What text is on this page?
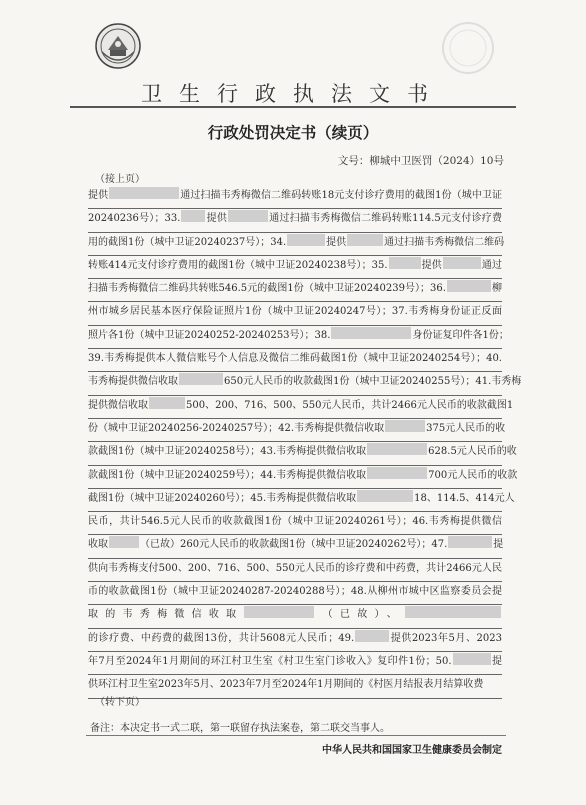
卫生行政执法文书
行政处罚决定书（续页）
文号：柳城中卫医罚（2024）10号
（接上页）
提供	通过扫描韦秀梅微信二维码转账18元支付诊疗费用的截图1份（城中卫证
20240236号）；33.	提供	通过扫描韦秀梅微信二维码转账114.5元支付诊疗费
用的截图1份（城中卫证20240237号）；34.	提供	通过扫描韦秀梅微信二维码
转账414元支付诊疗费用的截图1份（城中卫证20240238号）；35.	提供	通过
扫描韦秀梅微信二维码共转账546.5元的截图1份（城中卫证20240239号）；36.	柳
州市城乡居民基本医疗保险证照片1份（城中卫证20240247号）；37.韦秀梅身份证正反面
照片各1份（城中卫证20240252-20240253号）；38.	身份证复印件各1份；
39.韦秀梅提供本人微信账号个人信息及微信二维码截图1份（城中卫证20240254号）；40.
韦秀梅提供微信收取	650元人民币的收款截图1份（城中卫证20240255号）；41.韦秀梅
提供微信收取	500、200、716、500、550元人民币，共计2466元人民币的收款截图1
份（城中卫证20240256-20240257号）；42.韦秀梅提供微信收取	375元人民币的收
款截图1份（城中卫证20240258号）；43.韦秀梅提供微信收取	628.5元人民币的收
款截图1份（城中卫证20240259号）；44.韦秀梅提供微信收取	700元人民币的收款
截图1份（城中卫证20240260号）；45.韦秀梅提供微信收取	18、114.5、414元人
民币，共计546.5元人民币的收款截图1份（城中卫证20240261号）；46.韦秀梅提供微信
收取	（已故）260元人民币的收款截图1份（城中卫证20240262号）；47.	提
供向韦秀梅支付500、200、716、500、550元人民币的诊疗费和中药费，共计2466元人民
币的收款截图1份（城中卫证20240287-20240288号）；48.从柳州市城中区监察委员会提
取的韦秀梅微信收取	（已故）、
的诊疗费、中药费的截图13份，共计5608元人民币；49.	提供2023年5月、2023
年7月至2024年1月期间的环江村卫生室《村卫生室门诊收入》复印件1份；50.	提
供环江村卫生室2023年5月、2023年7月至2024年1月期间的《村医月结报表月结算收费
（转下页）
备注：本决定书一式二联，第一联留存执法案卷，第二联交当事人。
中华人民共和国国家卫生健康委员会制定
